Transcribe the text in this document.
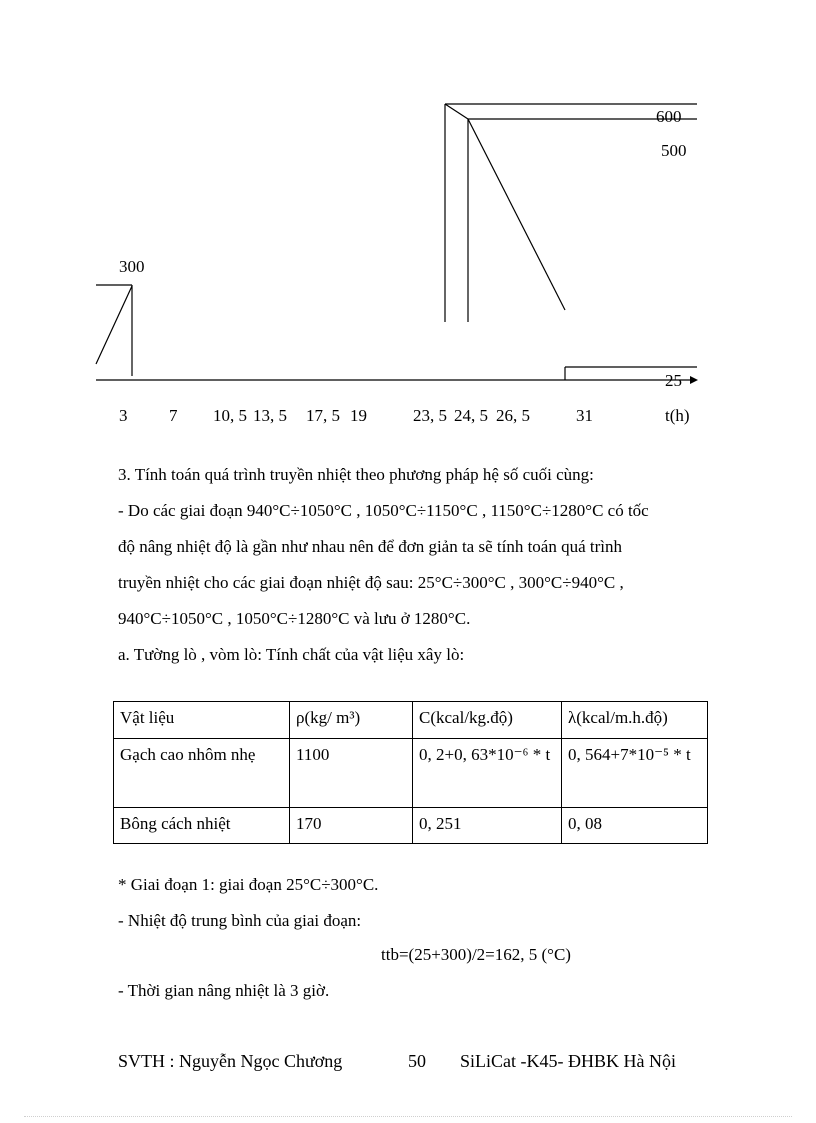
300
600
500
25
3 7 10, 5 13, 5 17, 5 19	23, 5 24, 5 26, 5	31	t(h)
3. Tính toán quá trình truyền nhiệt theo phương pháp hệ số cuối cùng:
- Do các giai đoạn 940°C÷1050°C , 1050°C÷1150°C , 1150°C÷1280°C có tốc
độ nâng nhiệt độ là gần như nhau nên để đơn giản ta sẽ tính toán quá trình
truyền nhiệt cho các giai đoạn nhiệt độ sau: 25°C÷300°C , 300°C÷940°C ,
940°C÷1050°C , 1050°C÷1280°C và lưu ở 1280°C.
a. Tường lò , vòm lò: Tính chất của vật liệu xây lò:
Vật liệu	ρ(kg/ m³)	C(kcal/kg.độ)	λ(kcal/m.h.độ)
Gạch cao nhôm nhẹ	1100	0, 2+0, 63*10⁻⁶ * t	0, 564+7*10⁻⁵ * t
Bông cách nhiệt	170	0, 251	0, 08
* Giai đoạn 1: giai đoạn 25°C÷300°C.
- Nhiệt độ trung bình của giai đoạn:
ttb=(25+300)/2=162, 5 (°C)
- Thời gian nâng nhiệt là 3 giờ.
SVTH : Nguyễn Ngọc Chương	50 SiLiCat -K45- ĐHBK Hà Nội
